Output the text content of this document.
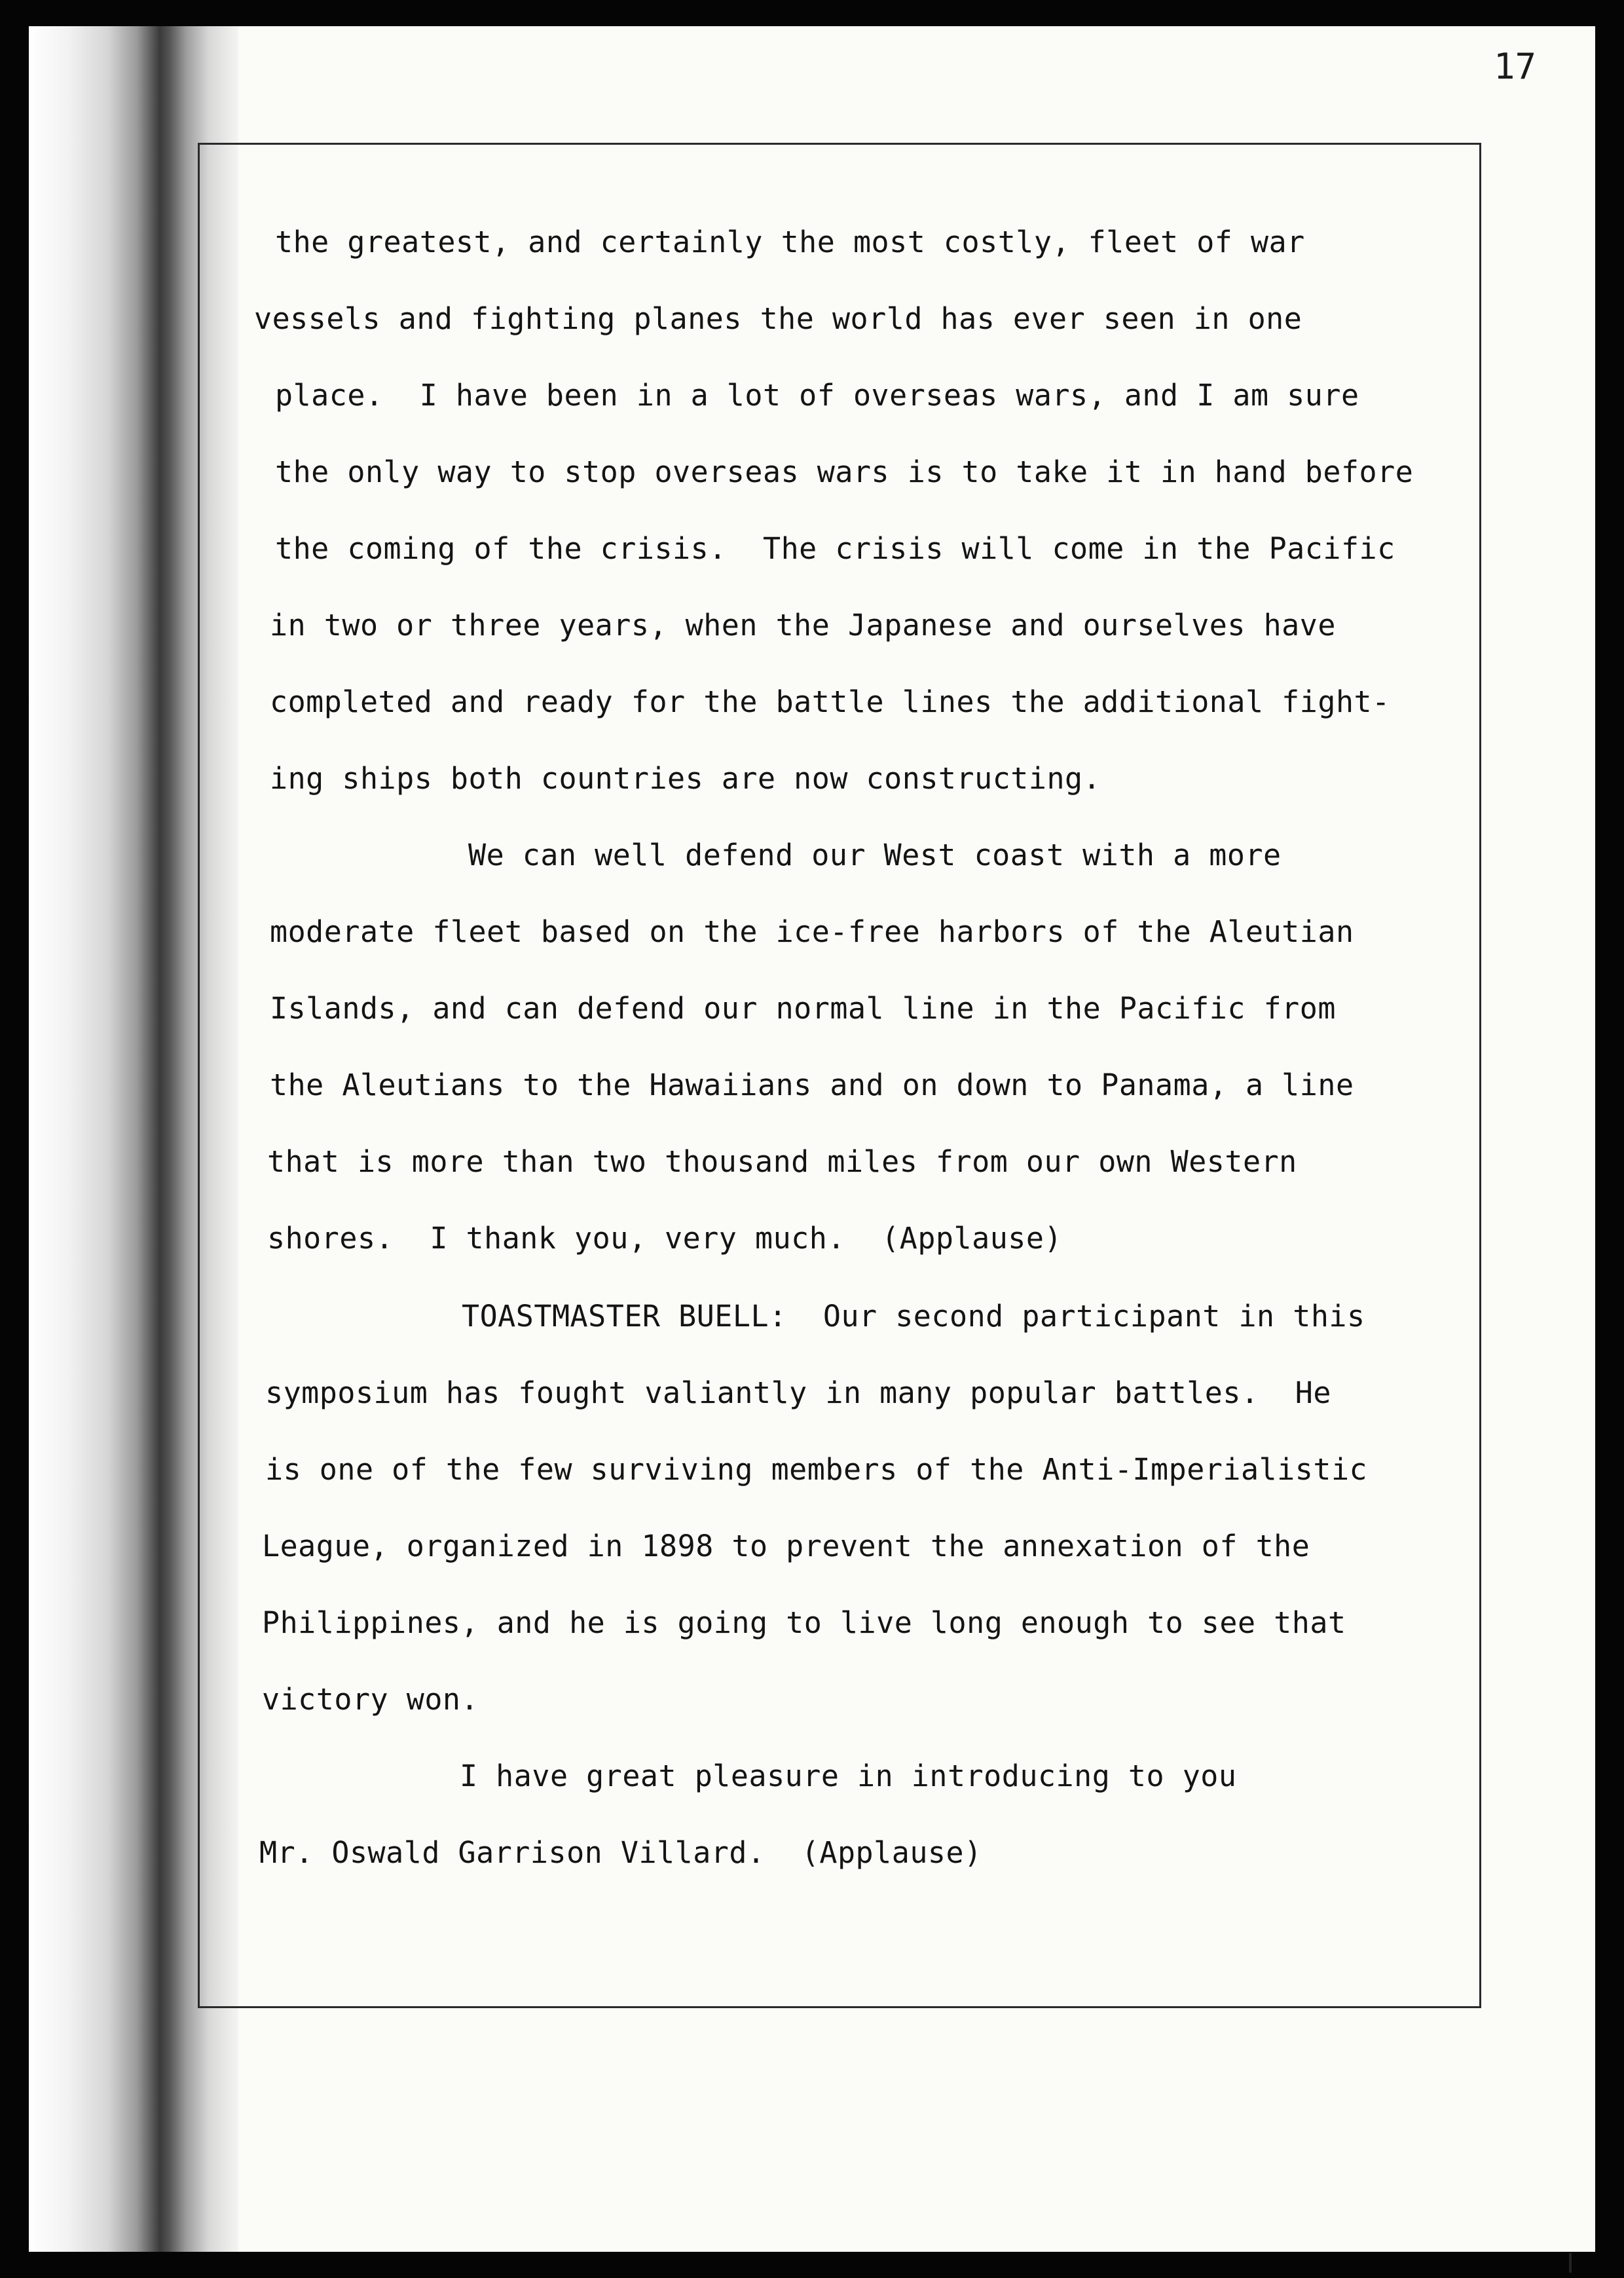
17
the greatest, and certainly the most costly, fleet of war
vessels and fighting planes the world has ever seen in one
place.  I have been in a lot of overseas wars, and I am sure
the only way to stop overseas wars is to take it in hand before
the coming of the crisis.  The crisis will come in the Pacific
in two or three years, when the Japanese and ourselves have
completed and ready for the battle lines the additional fight-
ing ships both countries are now constructing.
We can well defend our West coast with a more
moderate fleet based on the ice-free harbors of the Aleutian
Islands, and can defend our normal line in the Pacific from
the Aleutians to the Hawaiians and on down to Panama, a line
that is more than two thousand miles from our own Western
shores.  I thank you, very much.  (Applause)
TOASTMASTER BUELL:  Our second participant in this
symposium has fought valiantly in many popular battles.  He
is one of the few surviving members of the Anti-Imperialistic
League, organized in 1898 to prevent the annexation of the
Philippines, and he is going to live long enough to see that
victory won.
I have great pleasure in introducing to you
Mr. Oswald Garrison Villard.  (Applause)
